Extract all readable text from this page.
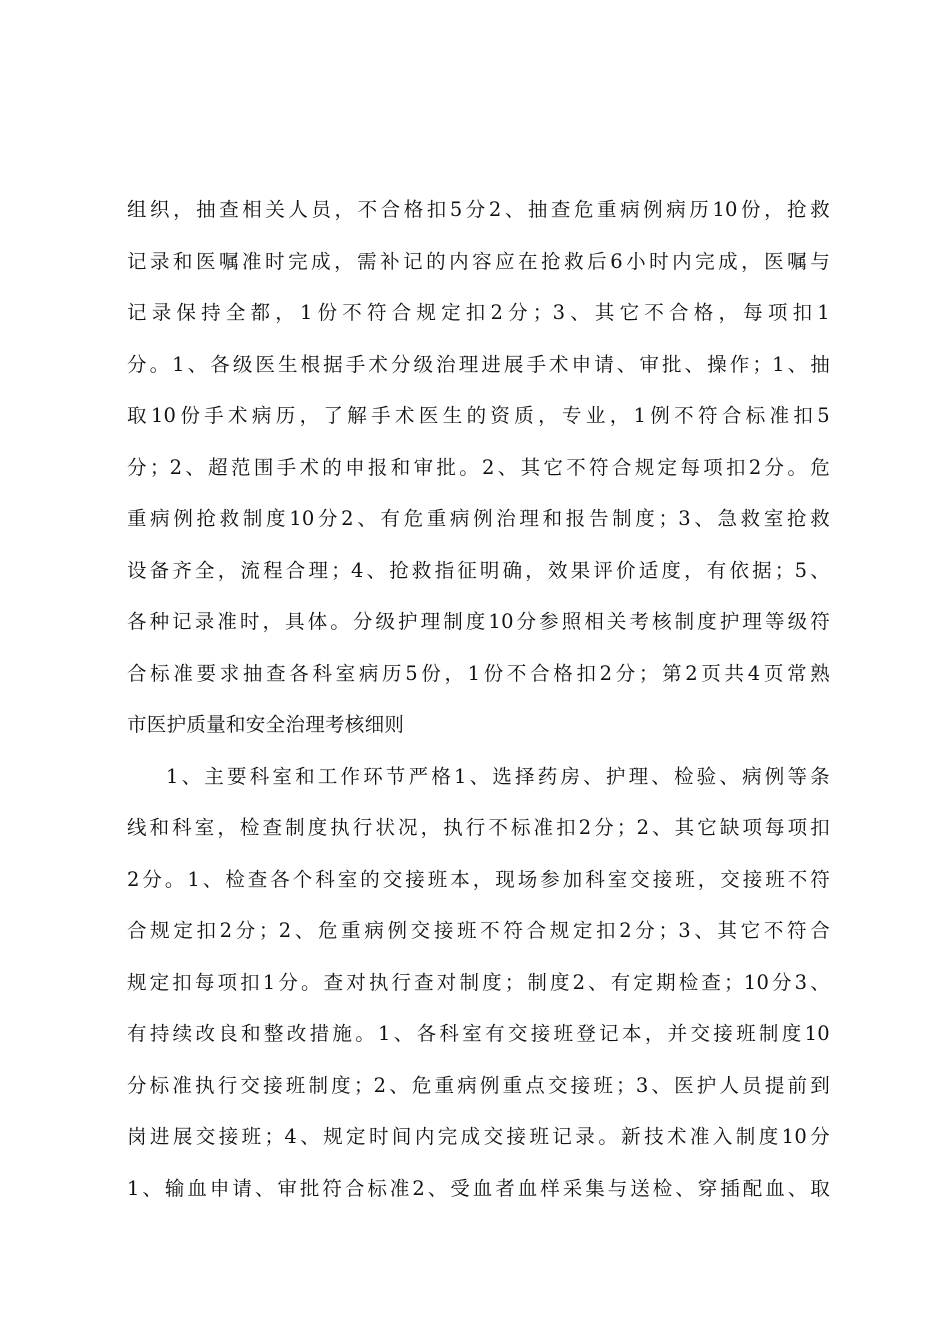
组织，抽查相关人员，不合格扣5分2、抽查危重病例病历10份，抢救
记录和医嘱准时完成，需补记的内容应在抢救后6小时内完成，医嘱与
记录保持全都，1份不符合规定扣2分；3、其它不合格，每项扣1
分。1、各级医生根据手术分级治理进展手术申请、审批、操作；1、抽
取10份手术病历，了解手术医生的资质，专业，1例不符合标准扣5
分；2、超范围手术的申报和审批。2、其它不符合规定每项扣2分。危
重病例抢救制度10分2、有危重病例治理和报告制度；3、急救室抢救
设备齐全，流程合理；4、抢救指征明确，效果评价适度，有依据；5、
各种记录准时，具体。分级护理制度10分参照相关考核制度护理等级符
合标准要求抽查各科室病历5份，1份不合格扣2分；第2页共4页常熟
市医护质量和安全治理考核细则
1、主要科室和工作环节严格1、选择药房、护理、检验、病例等条
线和科室，检查制度执行状况，执行不标准扣2分；2、其它缺项每项扣
2分。1、检查各个科室的交接班本，现场参加科室交接班，交接班不符
合规定扣2分；2、危重病例交接班不符合规定扣2分；3、其它不符合
规定扣每项扣1分。查对执行查对制度；制度2、有定期检查；10分3、
有持续改良和整改措施。1、各科室有交接班登记本，并交接班制度10
分标准执行交接班制度；2、危重病例重点交接班；3、医护人员提前到
岗进展交接班；4、规定时间内完成交接班记录。新技术准入制度10分
1、输血申请、审批符合标准2、受血者血样采集与送检、穿插配血、取
